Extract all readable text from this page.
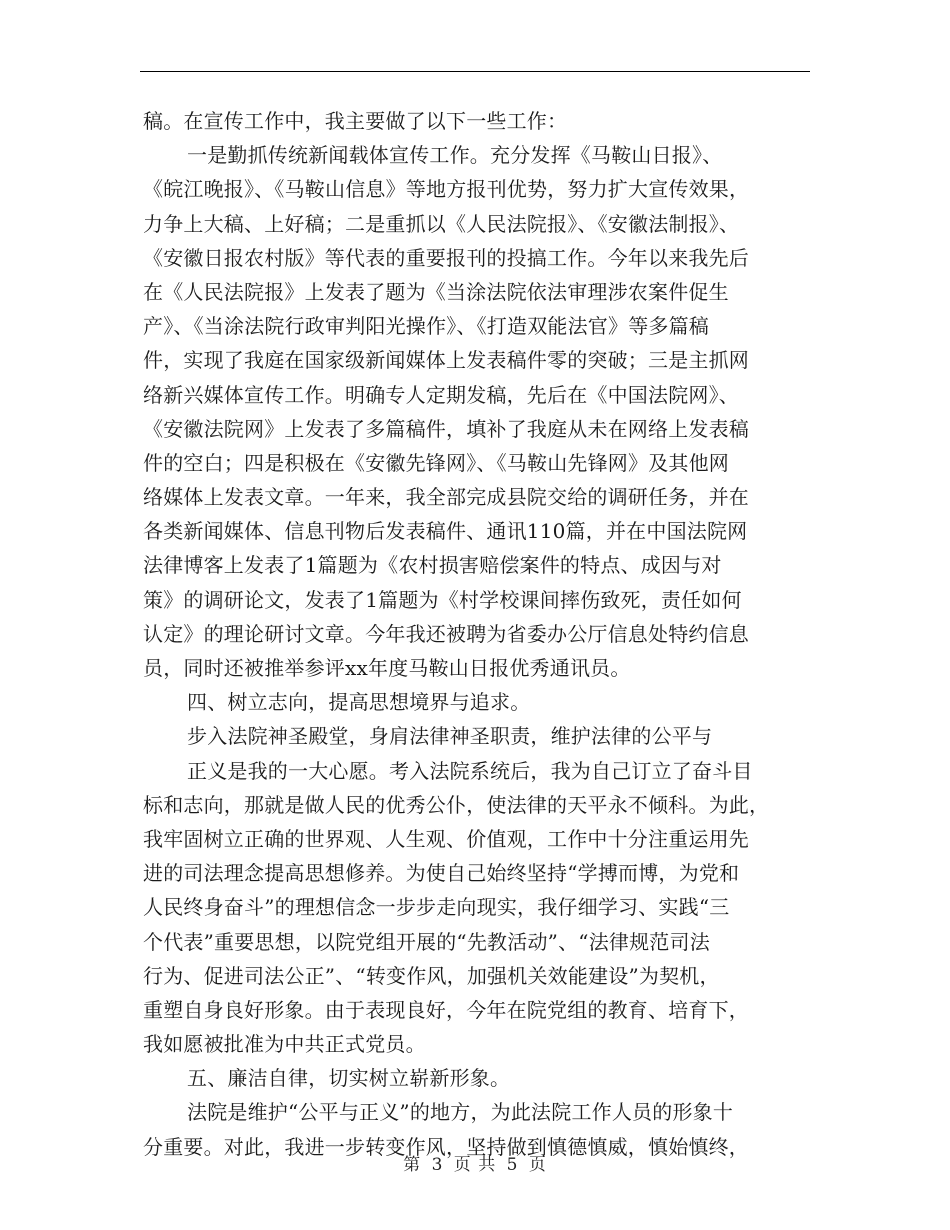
稿。在宣传工作中，我主要做了以下一些工作：
一是勤抓传统新闻载体宣传工作。充分发挥《马鞍山日报》、
《皖江晚报》、《马鞍山信息》等地方报刊优势，努力扩大宣传效果，
力争上大稿、上好稿；二是重抓以《人民法院报》、《安徽法制报》、
《安徽日报农村版》等代表的重要报刊的投搞工作。今年以来我先后
在《人民法院报》上发表了题为《当涂法院依法审理涉农案件促生
产》、《当涂法院行政审判阳光操作》、《打造双能法官》等多篇稿
件，实现了我庭在国家级新闻媒体上发表稿件零的突破；三是主抓网
络新兴媒体宣传工作。明确专人定期发稿，先后在《中国法院网》、
《安徽法院网》上发表了多篇稿件，填补了我庭从未在网络上发表稿
件的空白；四是积极在《安徽先锋网》、《马鞍山先锋网》及其他网
络媒体上发表文章。一年来，我全部完成县院交给的调研任务，并在
各类新闻媒体、信息刊物后发表稿件、通讯110篇，并在中国法院网
法律博客上发表了1篇题为《农村损害赔偿案件的特点、成因与对
策》的调研论文，发表了1篇题为《村学校课间摔伤致死，责任如何
认定》的理论研讨文章。今年我还被聘为省委办公厅信息处特约信息
员，同时还被推举参评xx年度马鞍山日报优秀通讯员。
四、树立志向，提高思想境界与追求。
步入法院神圣殿堂，身肩法律神圣职责，维护法律的公平与
正义是我的一大心愿。考入法院系统后，我为自己订立了奋斗目
标和志向，那就是做人民的优秀公仆，使法律的天平永不倾科。为此，
我牢固树立正确的世界观、人生观、价值观，工作中十分注重运用先
进的司法理念提高思想修养。为使自己始终坚持“学搏而博，为党和
人民终身奋斗”的理想信念一步步走向现实，我仔细学习、实践“三
个代表”重要思想，以院党组开展的“先教活动”、“法律规范司法
行为、促进司法公正”、“转变作风，加强机关效能建设”为契机，
重塑自身良好形象。由于表现良好，今年在院党组的教育、培育下，
我如愿被批准为中共正式党员。
五、廉洁自律，切实树立崭新形象。
法院是维护“公平与正义”的地方，为此法院工作人员的形象十
分重要。对此，我进一步转变作风，坚持做到慎德慎威，慎始慎终，
第 3 页 共 5 页
